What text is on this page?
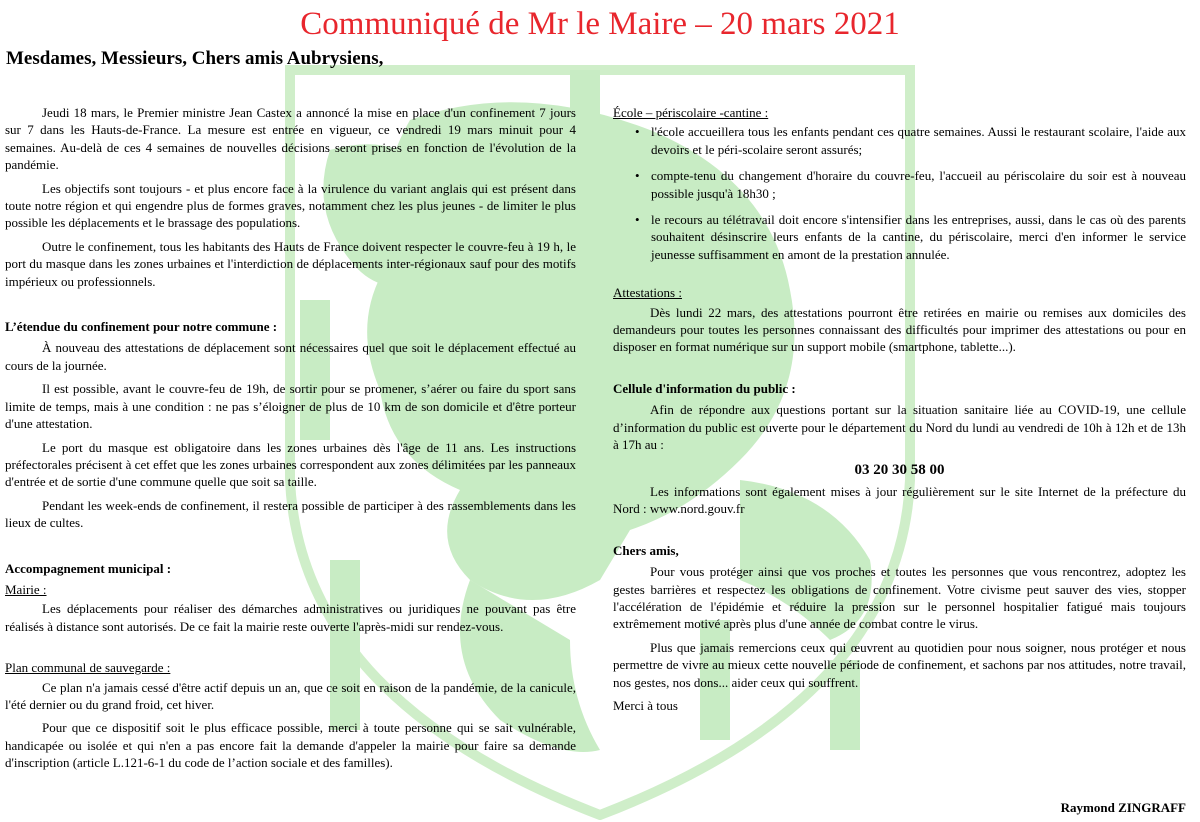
Communiqué de Mr le Maire – 20 mars 2021
Mesdames, Messieurs, Chers amis Aubrysiens,

Jeudi 18 mars, le Premier ministre Jean Castex a annoncé la mise en place d'un confinement 7 jours sur 7 dans les Hauts-de-France. La mesure est entrée en vigueur, ce vendredi 19 mars minuit pour 4 semaines. Au-delà de ces 4 semaines de nouvelles décisions seront prises en fonction de l'évolution de la pandémie.

Les objectifs sont toujours - et plus encore face à la virulence du variant anglais qui est présent dans toute notre région et qui engendre plus de formes graves, notamment chez les plus jeunes - de limiter le plus possible les déplacements et le brassage des populations.

Outre le confinement, tous les habitants des Hauts de France doivent respecter le couvre-feu à 19 h, le port du masque dans les zones urbaines et l'interdiction de déplacements inter-régionaux sauf pour des motifs impérieux ou professionnels.

L’étendue du confinement pour notre commune :

À nouveau des attestations de déplacement sont nécessaires quel que soit le déplacement effectué au cours de la journée.

Il est possible, avant le couvre-feu de 19h, de sortir pour se promener, s’aérer ou faire du sport sans limite de temps, mais à une condition : ne pas s’éloigner de plus de 10 km de son domicile et d'être porteur d'une attestation.

Le port du masque est obligatoire dans les zones urbaines dès l'âge de 11 ans. Les instructions préfectorales précisent à cet effet que les zones urbaines correspondent aux zones délimitées par les panneaux d'entrée et de sortie d'une commune quelle que soit sa taille.

Pendant les week-ends de confinement, il restera possible de participer à des rassemblements dans les lieux de cultes.

Accompagnement municipal :
Mairie :

Les déplacements pour réaliser des démarches administratives ou juridiques ne pouvant pas être réalisés à distance sont autorisés. De ce fait la mairie reste ouverte l'après-midi sur rendez-vous.

Plan communal de sauvegarde :

Ce plan n'a jamais cessé d'être actif depuis un an, que ce soit en raison de la pandémie, de la canicule, l'été dernier ou du grand froid, cet hiver.

Pour que ce dispositif soit le plus efficace possible, merci à toute personne qui se sait vulnérable, handicapée ou isolée et qui n'en a pas encore fait la demande d'appeler la mairie pour faire sa demande d'inscription (article L.121-6-1 du code de l’action sociale et des familles).

École – périscolaire -cantine :
• l'école accueillera tous les enfants pendant ces quatre semaines. Aussi le restaurant scolaire, l'aide aux devoirs et le péri-scolaire seront assurés;
• compte-tenu du changement d'horaire du couvre-feu, l'accueil au périscolaire du soir est à nouveau possible jusqu'à 18h30 ;
• le recours au télétravail doit encore s'intensifier dans les entreprises, aussi, dans le cas où des parents souhaitent désinscrire leurs enfants de la cantine, du périscolaire, merci d'en informer le service jeunesse suffisamment en amont de la prestation annulée.
Attestations :

Dès lundi 22 mars, des attestations pourront être retirées en mairie ou remises aux domiciles des demandeurs pour toutes les personnes connaissant des difficultés pour imprimer des attestations ou pour en disposer en format numérique sur un support mobile (smartphone, tablette...).

Cellule d'information du public :

Afin de répondre aux questions portant sur la situation sanitaire liée au COVID-19, une cellule d’information du public est ouverte pour le département du Nord du lundi au vendredi de 10h à 12h et de 13h à 17h au :

03 20 30 58 00

Les informations sont également mises à jour régulièrement sur le site Internet de la préfecture du Nord : www.nord.gouv.fr

Chers amis,

Pour vous protéger ainsi que vos proches et toutes les personnes que vous rencontrez, adoptez les gestes barrières et respectez les obligations de confinement. Votre civisme peut sauver des vies, stopper l'accélération de l'épidémie et réduire la pression sur le personnel hospitalier fatigué mais toujours extrêmement motivé après plus d'une année de combat contre le virus.

Plus que jamais remercions ceux qui œuvrent au quotidien pour nous soigner, nous protéger et nous permettre de vivre au mieux cette nouvelle période de confinement, et sachons par nos attitudes, notre travail, nos gestes, nos dons... aider ceux qui souffrent.

Merci à tous
Raymond ZINGRAFF
